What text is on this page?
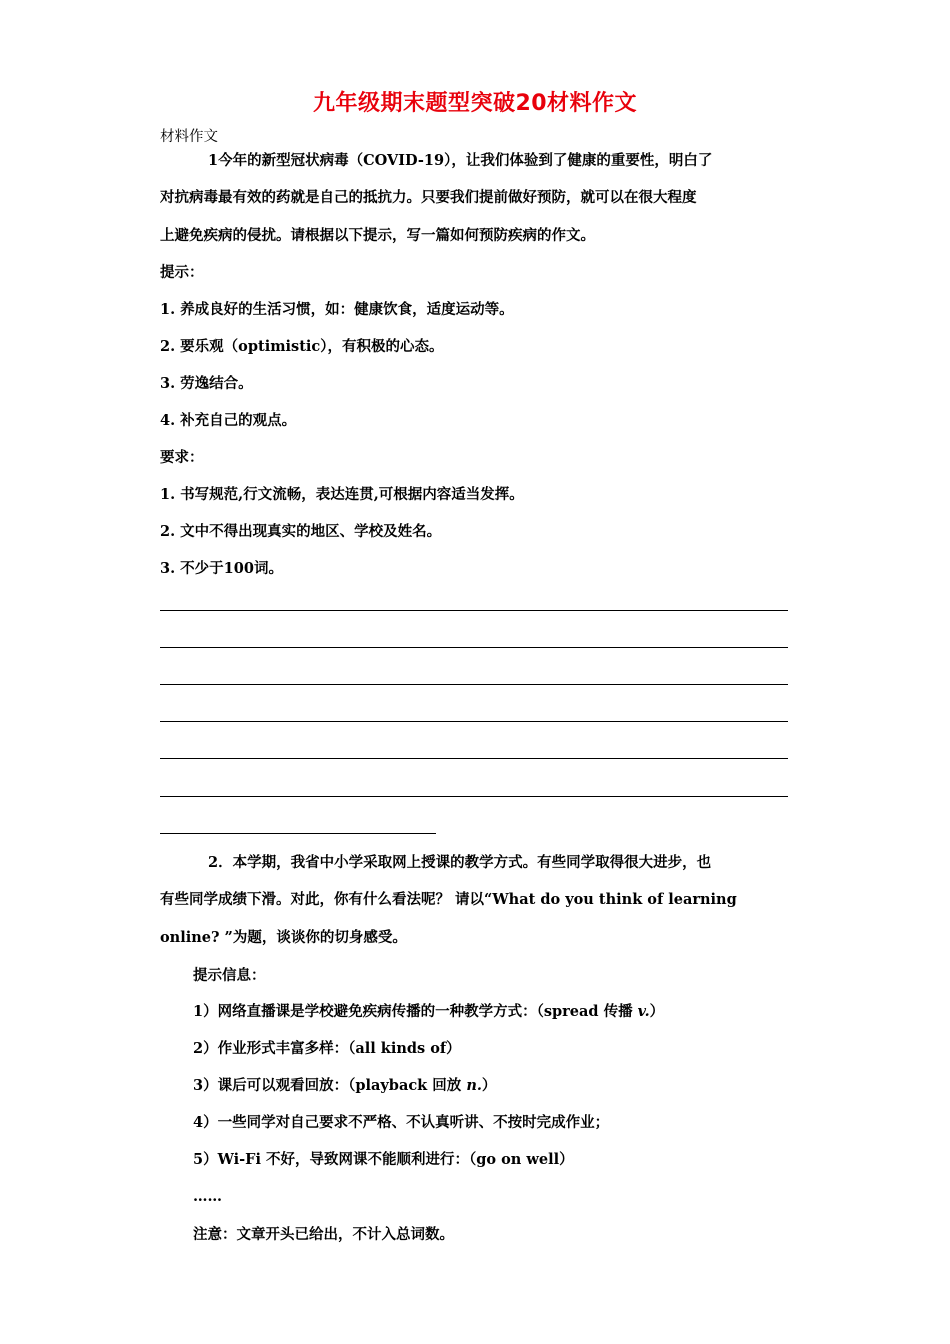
九年级期末题型突破20材料作文
材料作文
1今年的新型冠状病毒（COVID-19），让我们体验到了健康的重要性，明白了
对抗病毒最有效的药就是自己的抵抗力。只要我们提前做好预防，就可以在很大程度
上避免疾病的侵扰。请根据以下提示，写一篇如何预防疾病的作文。
提示：
1. 养成良好的生活习惯，如：健康饮食，适度运动等。
2. 要乐观（optimistic），有积极的心态。
3. 劳逸结合。
4. 补充自己的观点。
要求：
1. 书写规范,行文流畅，表达连贯,可根据内容适当发挥。
2. 文中不得出现真实的地区、学校及姓名。
3. 不少于100词。
2．本学期，我省中小学采取网上授课的教学方式。有些同学取得很大进步，也
有些同学成绩下滑。对此，你有什么看法呢？ 请以“What do you think of learning
online? ”为题，谈谈你的切身感受。
提示信息：
1）网络直播课是学校避免疾病传播的一种教学方式：（spread 传播 v.）
2）作业形式丰富多样：（all kinds of）
3）课后可以观看回放：（playback 回放 n.）
4）一些同学对自己要求不严格、不认真听讲、不按时完成作业；
5）Wi-Fi 不好，导致网课不能顺利进行：（go on well）
……
注意：文章开头已给出，不计入总词数。
